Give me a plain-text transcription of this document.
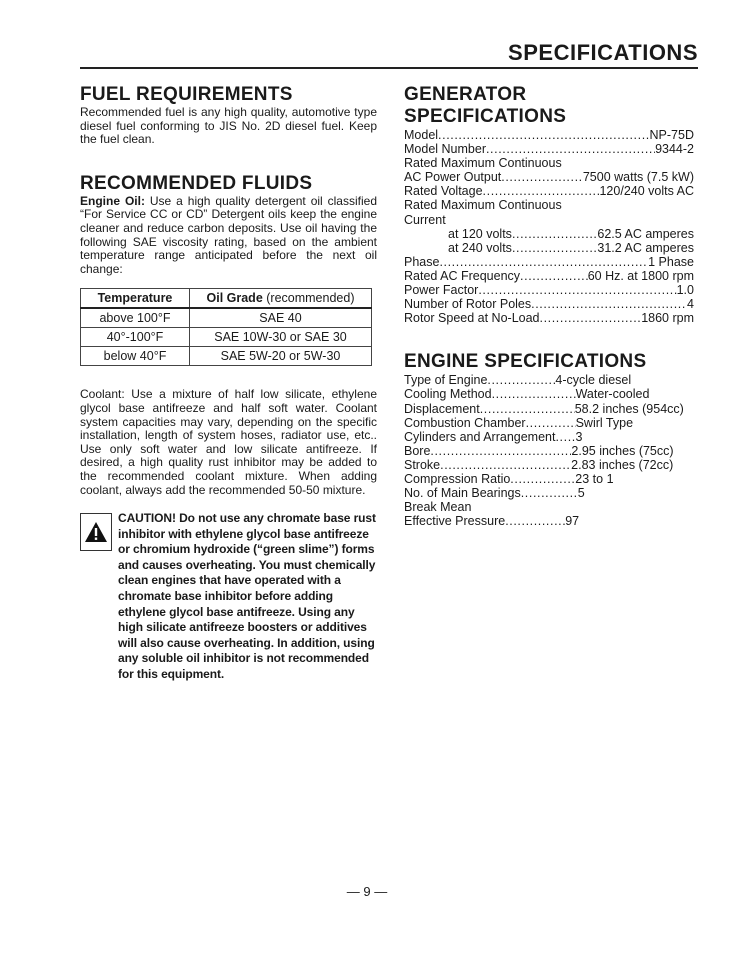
SPECIFICATIONS
FUEL REQUIREMENTS

Recommended fuel is any high quality, automotive type diesel fuel conforming to JIS No. 2D diesel fuel. Keep the fuel clean.

RECOMMENDED FLUIDS

Engine Oil: Use a high quality detergent oil classified “For Service CC or CD” Detergent oils keep the engine cleaner and reduce carbon deposits. Use oil having the following SAE viscosity rating, based on the ambient temperature range anticipated before the next oil change:

Temperature	Oil Grade (recommended)
above 100°F	SAE 40
40°-100°F	SAE 10W-30 or SAE 30
below 40°F	SAE 5W-20 or 5W-30

Coolant: Use a mixture of half low silicate, ethylene glycol base antifreeze and half soft water. Coolant system capacities may vary, depending on the specific installation, length of system hoses, radiator use, etc.. Use only soft water and low silicate antifreeze. If desired, a high quality rust inhibitor may be added to the recommended coolant mixture. When adding coolant, always add the recommended 50-50 mixture.

CAUTION! Do not use any chromate base rust inhibitor with ethylene glycol base antifreeze or chromium hydroxide (“green slime”) forms and causes overheating. You must chemically clean engines that have operated with a chromate base inhibitor before adding ethylene glycol base antifreeze. Using any high silicate antifreeze boosters or additives will also cause overheating. In addition, using any soluble oil inhibitor is not recommended for this equipment.
GENERATOR SPECIFICATIONS
Model .....	NP-75D
Model Number .....	9344-2
Rated Maximum Continuous
AC Power Output .....	7500 watts (7.5 kW)
Rated Voltage .....	120/240 volts AC
Rated Maximum Continuous
Current
at 120 volts .....	62.5 AC amperes
at 240 volts .....	31.2 AC amperes
Phase .....	1 Phase
Rated AC Frequency .....	60 Hz. at 1800 rpm
Power Factor .....	1.0
Number of Rotor Poles .....	4
Rotor Speed at No-Load .....	1860 rpm
ENGINE SPECIFICATIONS
Type of Engine .....	4-cycle diesel
Cooling Method .....	Water-cooled
Displacement .....	58.2 inches (954cc)
Combustion Chamber .....	Swirl Type
Cylinders and Arrangement ..... 3
Bore .....	2.95 inches (75cc)
Stroke .....	2.83 inches (72cc)
Compression Ratio .....	23 to 1
No. of Main Bearings .....	5
Break Mean
Effective Pressure .....	97
— 9 —
